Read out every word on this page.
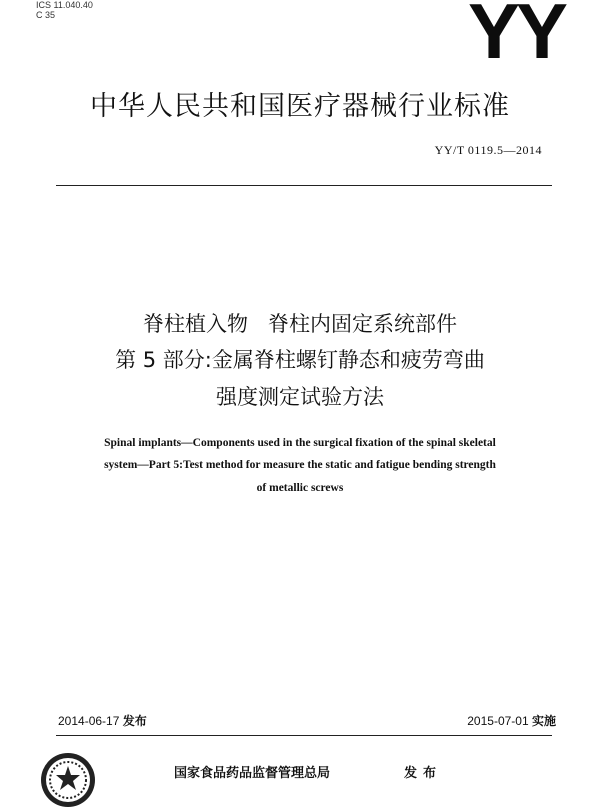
ICS 11.040.40
C 35	YY
中华人民共和国医疗器械行业标准
YY/T 0119.5—2014
脊柱植入物   脊柱内固定系统部件
第 5 部分:金属脊柱螺钉静态和疲劳弯曲
强度测定试验方法
Spinal implants—Components used in the surgical fixation of the spinal skeletal
system—Part 5:Test method for measure the static and fatigue bending strength
of metallic screws
2014-06-17 发布	2015-07-01 实施
国家食品药品监督管理总局	发布
